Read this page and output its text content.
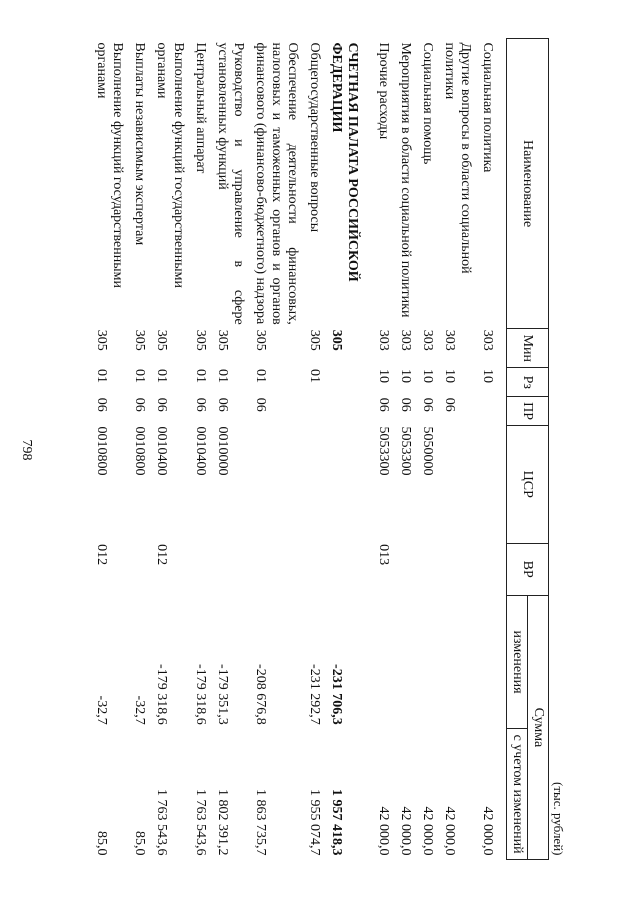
798
(тыс. рублей)							
Наименование	Мин	Рз	ПР	ЦСР	ВР	Сумма	
						изменения	с учетом изменений
Социальная политика	303	10					42 000,0
Другие вопросы в области социальной политики	303	10	06				42 000,0
Социальная помощь	303	10	06	5050000			42 000,0
Мероприятия в области социальной политики	303	10	06	5053300			42 000,0
Прочие расходы	303	10	06	5053300	013		42 000,0
СЧЕТНАЯ ПАЛАТА РОССИЙСКОЙ ФЕДЕРАЦИИ	305					-231 706,3	1 957 418,3
Общегосударственные вопросы	305	01				-231 292,7	1 955 074,7
Обеспечение деятельности финансовых, налоговых и таможенных органов и органов финансового (финансово-бюджетного) надзора	305	01	06			-208 676,8	1 863 735,7
Руководство и управление в сфере установленных функций	305	01	06	0010000		-179 351,3	1 802 391,2
Центральный аппарат	305	01	06	0010400		-179 318,6	1 763 543,6
Выполнение функций государственными органами	305	01	06	0010400	012	-179 318,6	1 763 543,6
Выплаты независимым экспертам	305	01	06	0010800		-32,7	85,0
Выполнение функций государственными органами	305	01	06	0010800	012	-32,7	85,0
